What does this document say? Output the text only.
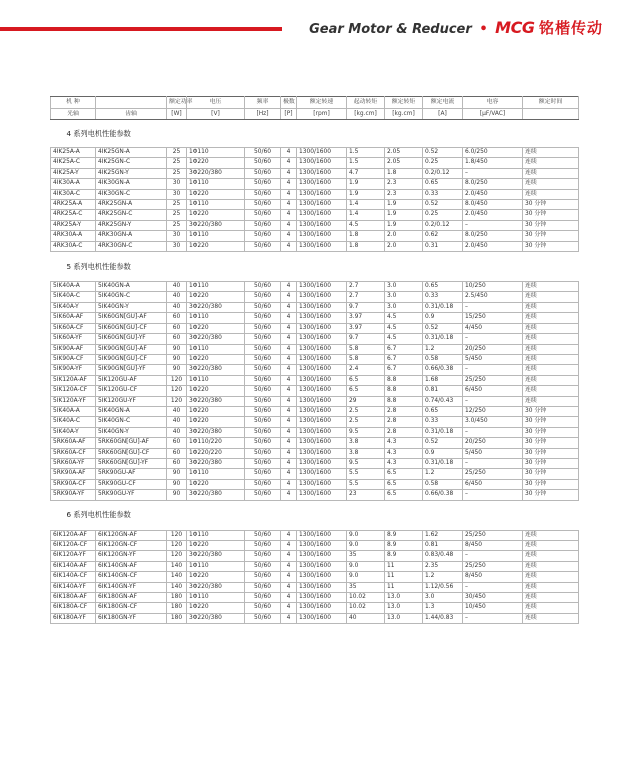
Gear Motor & Reducer • MCG 铭楷传动
机 种		额定功率	电压	频率	极数	额定转速	起动转矩	额定转矩	额定电流	电容	额定时间
光轴	齿轴	[W]	[V]	[Hz]	[P]	[rpm]	[kg.cm]	[kg.cm]	[A]	[μF/VAC]	
4 系列电机性能参数											
4IK25A-A	4IK25GN-A	25	1Φ110	50/60	4	1300/1600	1.5	2.05	0.52	6.0/250	连续
4IK25A-C	4IK25GN-C	25	1Φ220	50/60	4	1300/1600	1.5	2.05	0.25	1.8/450	连续
4IK25A-Y	4IK25GN-Y	25	3Φ220/380	50/60	4	1300/1600	4.7	1.8	0.2/0.12	–	连续
4IK30A-A	4IK30GN-A	30	1Φ110	50/60	4	1300/1600	1.9	2.3	0.65	8.0/250	连续
4IK30A-C	4IK30GN-C	30	1Φ220	50/60	4	1300/1600	1.9	2.3	0.33	2.0/450	连续
4RK25A-A	4RK25GN-A	25	1Φ110	50/60	4	1300/1600	1.4	1.9	0.52	8.0/450	30 分钟
4RK25A-C	4RK25GN-C	25	1Φ220	50/60	4	1300/1600	1.4	1.9	0.25	2.0/450	30 分钟
4RK25A-Y	4RK25GN-Y	25	3Φ220/380	50/60	4	1300/1600	4.5	1.9	0.2/0.12	–	30 分钟
4RK30A-A	4RK30GN-A	30	1Φ110	50/60	4	1300/1600	1.8	2.0	0.62	8.0/250	30 分钟
4RK30A-C	4RK30GN-C	30	1Φ220	50/60	4	1300/1600	1.8	2.0	0.31	2.0/450	30 分钟
5 系列电机性能参数											
5IK40A-A	5IK40GN-A	40	1Φ110	50/60	4	1300/1600	2.7	3.0	0.65	10/250	连续
5IK40A-C	5IK40GN-C	40	1Φ220	50/60	4	1300/1600	2.7	3.0	0.33	2.5/450	连续
5IK40A-Y	5IK40GN-Y	40	3Φ220/380	50/60	4	1300/1600	9.7	3.0	0.31/0.18	–	连续
5IK60A-AF	5IK60GN[GU]-AF	60	1Φ110	50/60	4	1300/1600	3.97	4.5	0.9	15/250	连续
5IK60A-CF	5IK60GN[GU]-CF	60	1Φ220	50/60	4	1300/1600	3.97	4.5	0.52	4/450	连续
5IK60A-YF	5IK60GN[GU]-YF	60	3Φ220/380	50/60	4	1300/1600	9.7	4.5	0.31/0.18	–	连续
5IK90A-AF	5IK90GN[GU]-AF	90	1Φ110	50/60	4	1300/1600	5.8	6.7	1.2	20/250	连续
5IK90A-CF	5IK90GN[GU]-CF	90	1Φ220	50/60	4	1300/1600	5.8	6.7	0.58	5/450	连续
5IK90A-YF	5IK90GN[GU]-YF	90	3Φ220/380	50/60	4	1300/1600	2.4	6.7	0.66/0.38	–	连续
5IK120A-AF	5IK120GU-AF	120	1Φ110	50/60	4	1300/1600	6.5	8.8	1.68	25/250	连续
5IK120A-CF	5IK120GU-CF	120	1Φ220	50/60	4	1300/1600	6.5	8.8	0.81	6/450	连续
5IK120A-YF	5IK120GU-YF	120	3Φ220/380	50/60	4	1300/1600	29	8.8	0.74/0.43	–	连续
5IK40A-A	5IK40GN-A	40	1Φ220	50/60	4	1300/1600	2.5	2.8	0.65	12/250	30 分钟
5IK40A-C	5IK40GN-C	40	1Φ220	50/60	4	1300/1600	2.5	2.8	0.33	3.0/450	30 分钟
5IK40A-Y	5IK40GN-Y	40	3Φ220/380	50/60	4	1300/1600	9.5	2.8	0.31/0.18	–	30 分钟
5RK60A-AF	5RK60GN[GU]-AF	60	1Φ110/220	50/60	4	1300/1600	3.8	4.3	0.52	20/250	30 分钟
5RK60A-CF	5RK60GN[GU]-CF	60	1Φ220/220	50/60	4	1300/1600	3.8	4.3	0.9	5/450	30 分钟
5RK60A-YF	5RK60GN[GU]-YF	60	3Φ220/380	50/60	4	1300/1600	9.5	4.3	0.31/0.18	–	30 分钟
5RK90A-AF	5RK90GU-AF	90	1Φ110	50/60	4	1300/1600	5.5	6.5	1.2	25/250	30 分钟
5RK90A-CF	5RK90GU-CF	90	1Φ220	50/60	4	1300/1600	5.5	6.5	0.58	6/450	30 分钟
5RK90A-YF	5RK90GU-YF	90	3Φ220/380	50/60	4	1300/1600	23	6.5	0.66/0.38	–	30 分钟
6 系列电机性能参数											
6IK120A-AF	6IK120GN-AF	120	1Φ110	50/60	4	1300/1600	9.0	8.9	1.62	25/250	连续
6IK120A-CF	6IK120GN-CF	120	1Φ220	50/60	4	1300/1600	9.0	8.9	0.81	8/450	连续
6IK120A-YF	6IK120GN-YF	120	3Φ220/380	50/60	4	1300/1600	35	8.9	0.83/0.48	–	连续
6IK140A-AF	6IK140GN-AF	140	1Φ110	50/60	4	1300/1600	9.0	11	2.35	25/250	连续
6IK140A-CF	6IK140GN-CF	140	1Φ220	50/60	4	1300/1600	9.0	11	1.2	8/450	连续
6IK140A-YF	6IK140GN-YF	140	3Φ220/380	50/60	4	1300/1600	35	11	1.12/0.56	–	连续
6IK180A-AF	6IK180GN-AF	180	1Φ110	50/60	4	1300/1600	10.02	13.0	3.0	30/450	连续
6IK180A-CF	6IK180GN-CF	180	1Φ220	50/60	4	1300/1600	10.02	13.0	1.3	10/450	连续
6IK180A-YF	6IK180GN-YF	180	3Φ220/380	50/60	4	1300/1600	40	13.0	1.44/0.83	–	连续
